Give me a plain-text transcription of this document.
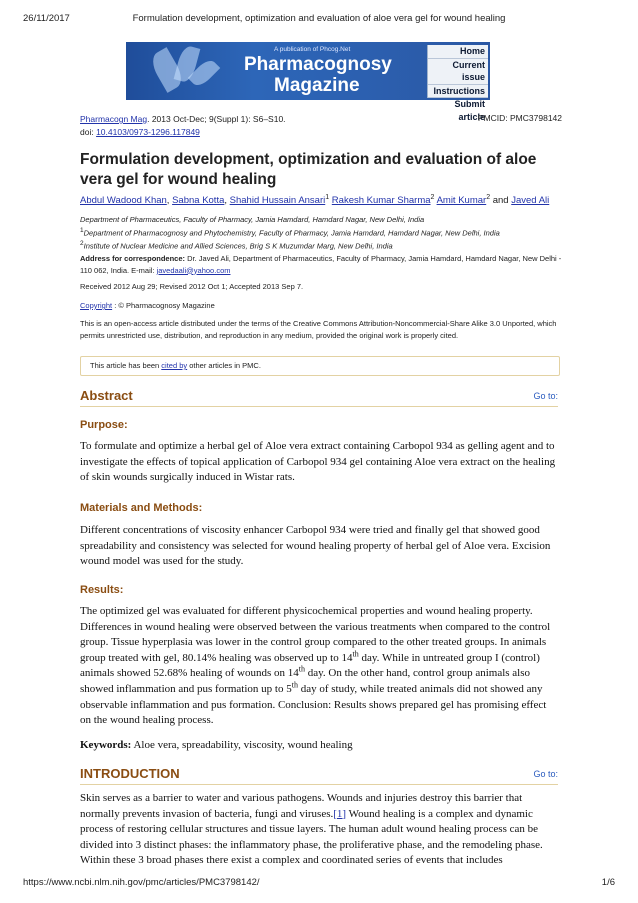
26/11/2017	Formulation development, optimization and evaluation of aloe vera gel for wound healing
A publication of Phcog.Net
Pharmacognosy
Magazine
Home
Current issue
Instructions
Submit article
Pharmacogn Mag. 2013 Oct-Dec; 9(Suppl 1): S6–S10.
doi: 10.4103/0973-1296.117849
PMCID: PMC3798142
Formulation development, optimization and evaluation of aloe vera gel for wound healing
Abdul Wadood Khan, Sabna Kotta, Shahid Hussain Ansari$^1$ Rakesh Kumar Sharma$^2$ Amit Kumar$^2$ and Javed Ali
Department of Pharmaceutics, Faculty of Pharmacy, Jamia Hamdard, Hamdard Nagar, New Delhi, India
$^1$Department of Pharmacognosy and Phytochemistry, Faculty of Pharmacy, Jamia Hamdard, Hamdard Nagar, New Delhi, India
$^2$Institute of Nuclear Medicine and Allied Sciences, Brig S K Muzumdar Marg, New Delhi, India
Address for correspondence: Dr. Javed Ali, Department of Pharmaceutics, Faculty of Pharmacy, Jamia Hamdard, Hamdard Nagar, New Delhi - 110 062, India. E-mail: javedaali@yahoo.com
Received 2012 Aug 29; Revised 2012 Oct 1; Accepted 2013 Sep 7.
Copyright : © Pharmacognosy Magazine
This is an open-access article distributed under the terms of the Creative Commons Attribution-Noncommercial-Share Alike 3.0 Unported, which permits unrestricted use, distribution, and reproduction in any medium, provided the original work is properly cited.
This article has been cited by other articles in PMC.
Abstract	Go to:
Purpose:
To formulate and optimize a herbal gel of Aloe vera extract containing Carbopol 934 as gelling agent and to investigate the effects of topical application of Carbopol 934 gel containing Aloe vera extract on the healing of skin wounds surgically induced in Wistar rats.
Materials and Methods:
Different concentrations of viscosity enhancer Carbopol 934 were tried and finally gel that showed good spreadability and consistency was selected for wound healing property of herbal gel of Aloe vera. Excision wound model was used for the study.
Results:
The optimized gel was evaluated for different physicochemical properties and wound healing property. Differences in wound healing were observed between the various treatments when compared to the control group. Tissue hyperplasia was lower in the control group compared to the other treated groups. In animals group treated with gel, 80.14% healing was observed up to 14th day. While in untreated group I (control) animals showed 52.68% healing of wounds on 14th day. On the other hand, control group animals also showed inflammation and pus formation up to 5th day of study, while treated animals did not showed any observable inflammation and pus formation. Conclusion: Results shows prepared gel has promising effect on the wound healing process.
Keywords: Aloe vera, spreadability, viscosity, wound healing
INTRODUCTION	Go to:
Skin serves as a barrier to water and various pathogens. Wounds and injuries destroy this barrier that normally prevents invasion of bacteria, fungi and viruses.[1] Wound healing is a complex and dynamic process of restoring cellular structures and tissue layers. The human adult wound healing process can be divided into 3 distinct phases: the inflammatory phase, the proliferative phase, and the remodeling phase. Within these 3 broad phases there exist a complex and coordinated series of events that includes
https://www.ncbi.nlm.nih.gov/pmc/articles/PMC3798142/	1/6
